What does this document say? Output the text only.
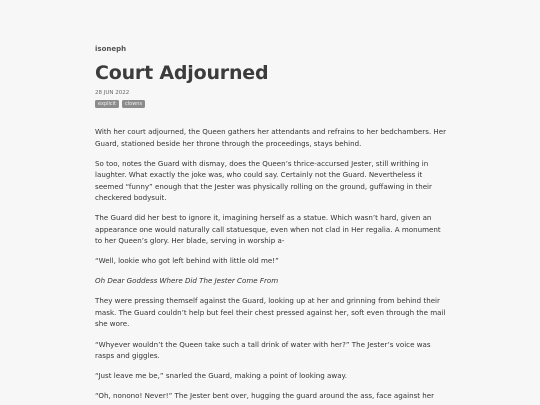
isoneph
Court Adjourned
28 JUN 2022
explicit	clowns

With her court adjourned, the Queen gathers her attendants and refrains to her bedchambers. Her Guard, stationed beside her throne through the proceedings, stays behind.

So too, notes the Guard with dismay, does the Queen’s thrice-accursed Jester, still writhing in laughter. What exactly the joke was, who could say. Certainly not the Guard. Nevertheless it seemed “funny” enough that the Jester was physically rolling on the ground, guffawing in their checkered bodysuit.

The Guard did her best to ignore it, imagining herself as a statue. Which wasn’t hard, given an appearance one would naturally call statuesque, even when not clad in Her regalia. A monument to her Queen’s glory. Her blade, serving in worship a-

“Well, lookie who got left behind with little old me!”

Oh Dear Goddess Where Did The Jester Come From

They were pressing themself against the Guard, looking up at her and grinning from behind their mask. The Guard couldn’t help but feel their chest pressed against her, soft even through the mail she wore.

“Whyever wouldn’t the Queen take such a tall drink of water with her?” The Jester’s voice was rasps and giggles.

“Just leave me be,” snarled the Guard, making a point of looking away.

“Oh, nonono! Never!” The Jester bent over, hugging the guard around the ass, face against her
